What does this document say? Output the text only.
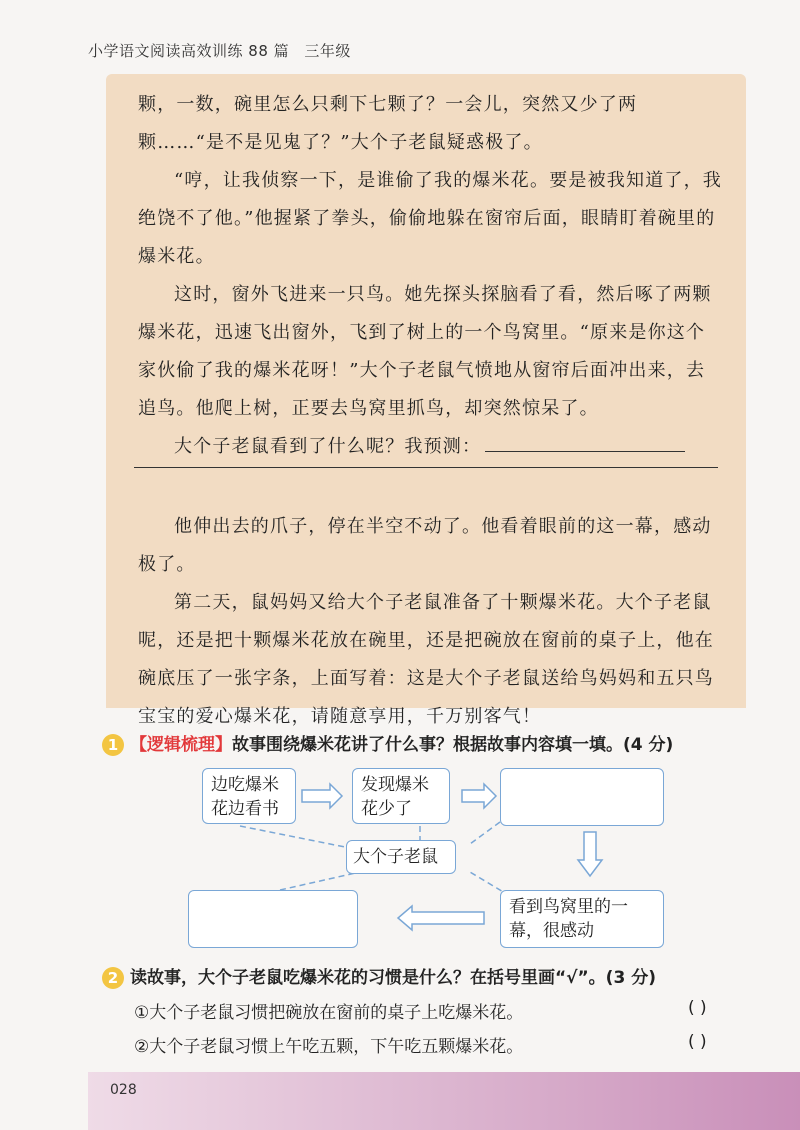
小学语文阅读高效训练 88 篇 三年级

颗，一数，碗里怎么只剩下七颗了？一会儿，突然又少了两颗……“是不是见鬼了？”大个子老鼠疑惑极了。

“哼，让我侦察一下，是谁偷了我的爆米花。要是被我知道了，我绝饶不了他。”他握紧了拳头，偷偷地躲在窗帘后面，眼睛盯着碗里的爆米花。

这时，窗外飞进来一只鸟。她先探头探脑看了看，然后啄了两颗爆米花，迅速飞出窗外，飞到了树上的一个鸟窝里。“原来是你这个家伙偷了我的爆米花呀！”大个子老鼠气愤地从窗帘后面冲出来，去追鸟。他爬上树，正要去鸟窝里抓鸟，却突然惊呆了。

大个子老鼠看到了什么呢？我预测：

他伸出去的爪子，停在半空不动了。他看着眼前的这一幕，感动极了。

第二天，鼠妈妈又给大个子老鼠准备了十颗爆米花。大个子老鼠呢，还是把十颗爆米花放在碗里，还是把碗放在窗前的桌子上，他在碗底压了一张字条，上面写着：这是大个子老鼠送给鸟妈妈和五只鸟宝宝的爱心爆米花，请随意享用，千万别客气！

1 【逻辑梳理】故事围绕爆米花讲了什么事？根据故事内容填一填。(4 分)
边吃爆米花边看书
发现爆米花少了
大个子老鼠
看到鸟窝里的一幕，很感动
2 读故事，大个子老鼠吃爆米花的习惯是什么？在括号里画“√”。(3 分)
①大个子老鼠习惯把碗放在窗前的桌子上吃爆米花。	( )
②大个子老鼠习惯上午吃五颗，下午吃五颗爆米花。	( )
028
